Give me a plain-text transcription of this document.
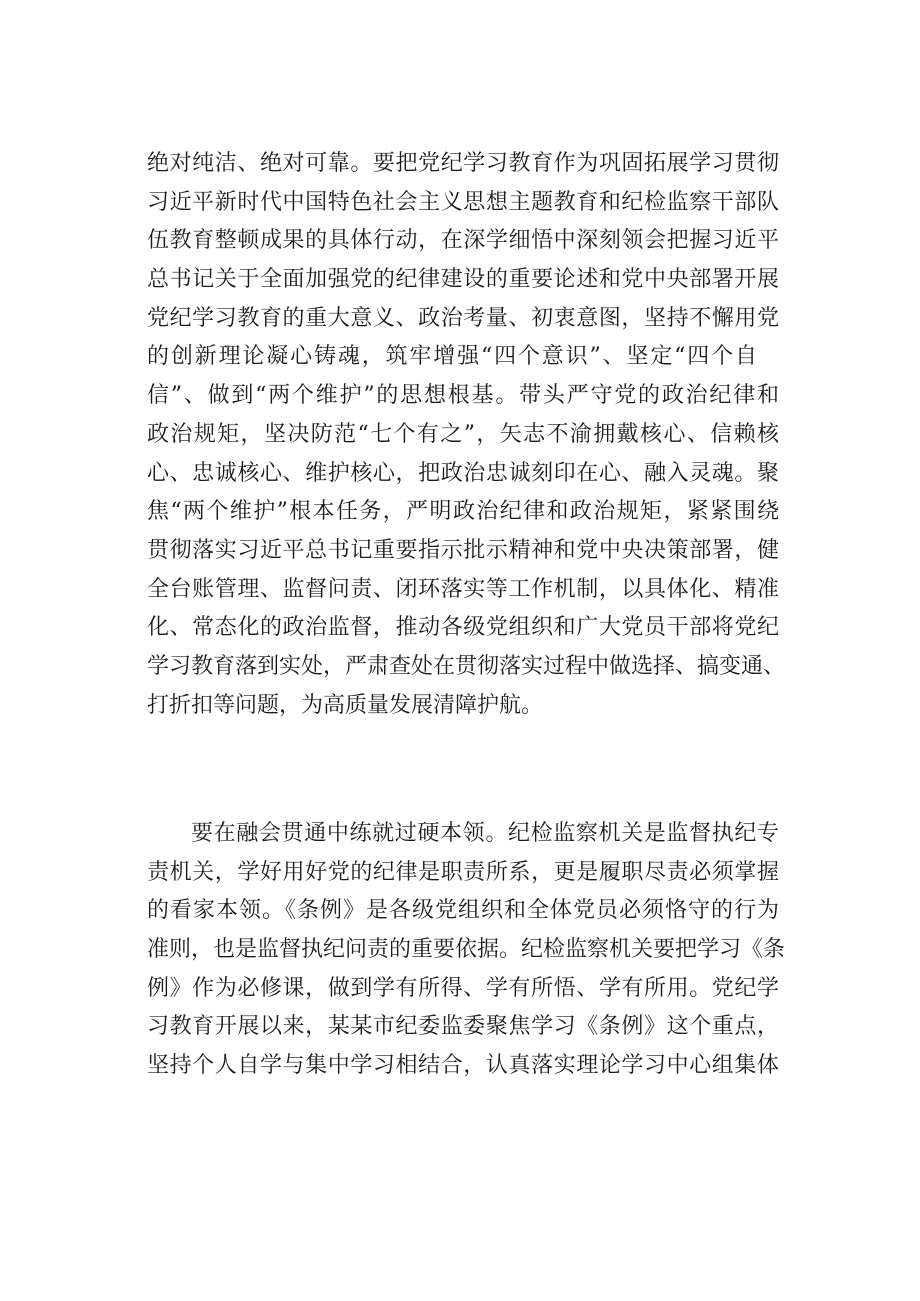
绝对纯洁、绝对可靠。要把党纪学习教育作为巩固拓展学习贯彻
习近平新时代中国特色社会主义思想主题教育和纪检监察干部队
伍教育整顿成果的具体行动，在深学细悟中深刻领会把握习近平
总书记关于全面加强党的纪律建设的重要论述和党中央部署开展
党纪学习教育的重大意义、政治考量、初衷意图，坚持不懈用党
的创新理论凝心铸魂，筑牢增强“四个意识”、坚定“四个自
信”、做到“两个维护”的思想根基。带头严守党的政治纪律和
政治规矩，坚决防范“七个有之”，矢志不渝拥戴核心、信赖核
心、忠诚核心、维护核心，把政治忠诚刻印在心、融入灵魂。聚
焦“两个维护”根本任务，严明政治纪律和政治规矩，紧紧围绕
贯彻落实习近平总书记重要指示批示精神和党中央决策部署，健
全台账管理、监督问责、闭环落实等工作机制，以具体化、精准
化、常态化的政治监督，推动各级党组织和广大党员干部将党纪
学习教育落到实处，严肃查处在贯彻落实过程中做选择、搞变通、
打折扣等问题，为高质量发展清障护航。
要在融会贯通中练就过硬本领。纪检监察机关是监督执纪专
责机关，学好用好党的纪律是职责所系，更是履职尽责必须掌握
的看家本领。《条例》是各级党组织和全体党员必须恪守的行为
准则，也是监督执纪问责的重要依据。纪检监察机关要把学习《条
例》作为必修课，做到学有所得、学有所悟、学有所用。党纪学
习教育开展以来，某某市纪委监委聚焦学习《条例》这个重点，
坚持个人自学与集中学习相结合，认真落实理论学习中心组集体
